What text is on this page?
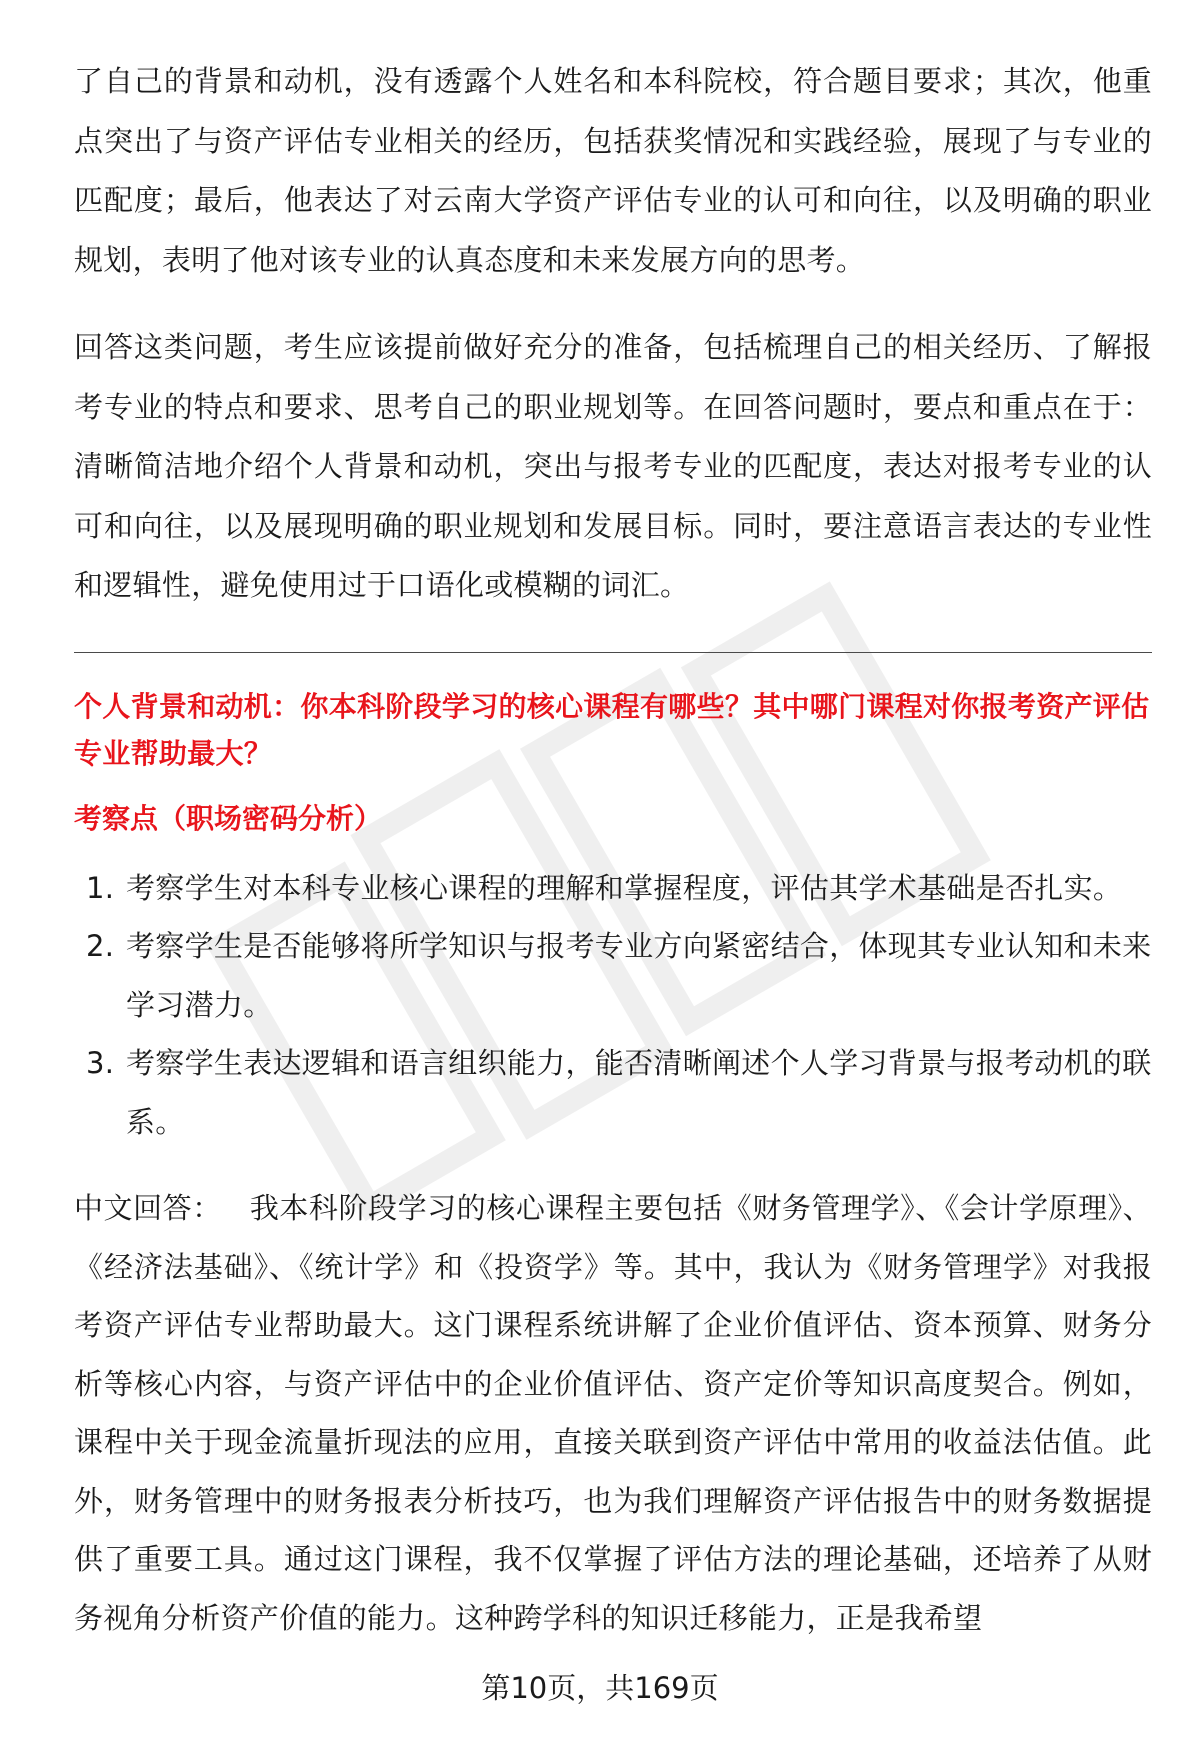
了自己的背景和动机，没有透露个人姓名和本科院校，符合题目要求；其次，他重点突出了与资产评估专业相关的经历，包括获奖情况和实践经验，展现了与专业的匹配度；最后，他表达了对云南大学资产评估专业的认可和向往，以及明确的职业规划，表明了他对该专业的认真态度和未来发展方向的思考。

回答这类问题，考生应该提前做好充分的准备，包括梳理自己的相关经历、了解报考专业的特点和要求、思考自己的职业规划等。在回答问题时，要点和重点在于：清晰简洁地介绍个人背景和动机，突出与报考专业的匹配度，表达对报考专业的认可和向往，以及展现明确的职业规划和发展目标。同时，要注意语言表达的专业性和逻辑性，避免使用过于口语化或模糊的词汇。

个人背景和动机：你本科阶段学习的核心课程有哪些？其中哪门课程对你报考资产评估专业帮助最大？
考察点（职场密码分析）
1. 考察学生对本科专业核心课程的理解和掌握程度，评估其学术基础是否扎实。
2. 考察学生是否能够将所学知识与报考专业方向紧密结合，体现其专业认知和未来学习潜力。
3. 考察学生表达逻辑和语言组织能力，能否清晰阐述个人学习背景与报考动机的联系。
中文回答： 我本科阶段学习的核心课程主要包括《财务管理学》、《会计学原理》、《经济法基础》、《统计学》和《投资学》等。其中，我认为《财务管理学》对我报考资产评估专业帮助最大。这门课程系统讲解了企业价值评估、资本预算、财务分析等核心内容，与资产评估中的企业价值评估、资产定价等知识高度契合。例如，课程中关于现金流量折现法的应用，直接关联到资产评估中常用的收益法估值。此外，财务管理中的财务报表分析技巧，也为我们理解资产评估报告中的财务数据提供了重要工具。通过这门课程，我不仅掌握了评估方法的理论基础，还培养了从财务视角分析资产价值的能力。这种跨学科的知识迁移能力，正是我希望
第10页，共169页
